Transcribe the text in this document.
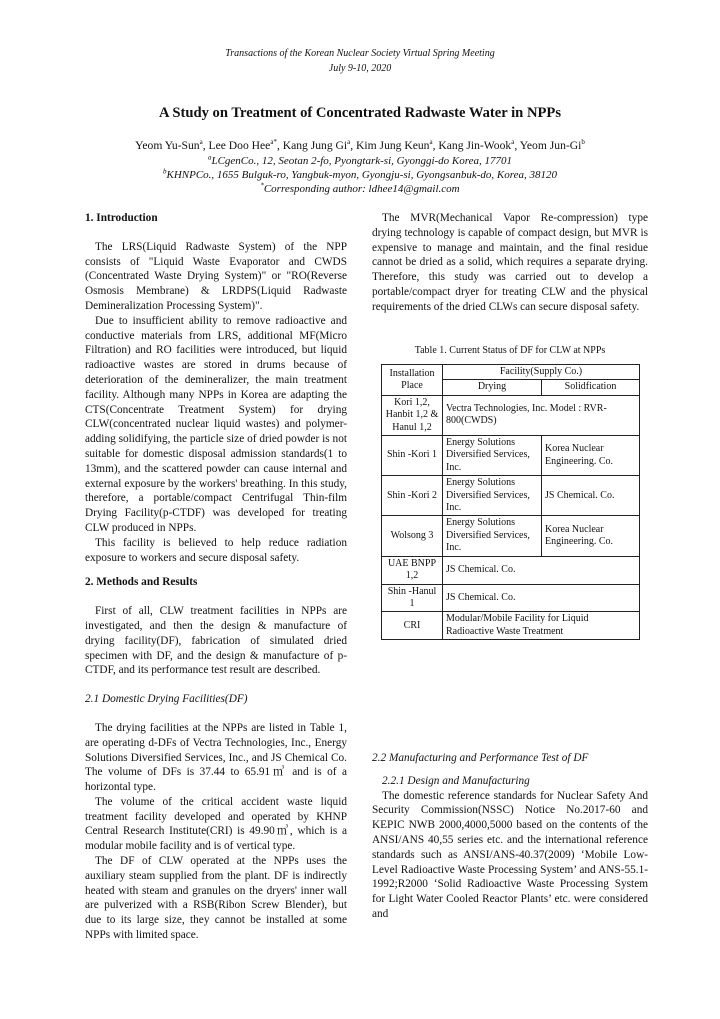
Transactions of the Korean Nuclear Society Virtual Spring Meeting
July 9-10, 2020
A Study on Treatment of Concentrated Radwaste Water in NPPs
Yeom Yu-Sun$^a$, Lee Doo Hee$^{a*}$, Kang Jung Gi$^a$, Kim Jung Keun$^a$, Kang Jin-Wook$^a$, Yeom Jun-Gi$^b$
$^a$LCgenCo., 12, Seotan 2-fo, Pyongtark-si, Gyonggi-do Korea, 17701
$^b$KHNPCo., 1655 Bulguk-ro, Yangbuk-myon, Gyongju-si, Gyongsanbuk-do, Korea, 38120
*Corresponding author: ldhee14@gmail.com

1. Introduction

The LRS(Liquid Radwaste System) of the NPP consists of "Liquid Waste Evaporator and CWDS (Concentrated Waste Drying System)" or "RO(Reverse Osmosis Membrane) & LRDPS(Liquid Radwaste Demineralization Processing System)".

Due to insufficient ability to remove radioactive and conductive materials from LRS, additional MF(Micro Filtration) and RO facilities were introduced, but liquid radioactive wastes are stored in drums because of deterioration of the demineralizer, the main treatment facility. Although many NPPs in Korea are adapting the CTS(Concentrate Treatment System) for drying CLW(concentrated nuclear liquid wastes) and polymer-adding solidifying, the particle size of dried powder is not suitable for domestic disposal admission standards(1 to 13mm), and the scattered powder can cause internal and external exposure by the workers' breathing. In this study, therefore, a portable/compact Centrifugal Thin-film Drying Facility(p-CTDF) was developed for treating CLW produced in NPPs.

This facility is believed to help reduce radiation exposure to workers and secure disposal safety.

2. Methods and Results

First of all, CLW treatment facilities in NPPs are investigated, and then the design & manufacture of drying facility(DF), fabrication of simulated dried specimen with DF, and the design & manufacture of p-CTDF, and its performance test result are described.

2.1 Domestic Drying Facilities(DF)

The drying facilities at the NPPs are listed in Table 1, are operating d-DFs of Vectra Technologies, Inc., Energy Solutions Diversified Services, Inc., and JS Chemical Co. The volume of DFs is 37.44 to 65.91㎥ and is of a horizontal type.

The volume of the critical accident waste liquid treatment facility developed and operated by KHNP Central Research Institute(CRI) is 49.90㎥, which is a modular mobile facility and is of vertical type.

The DF of CLW operated at the NPPs uses the auxiliary steam supplied from the plant. DF is indirectly heated with steam and granules on the dryers' inner wall are pulverized with a RSB(Ribon Screw Blender), but due to its large size, they cannot be installed at some NPPs with limited space.

The MVR(Mechanical Vapor Re-compression) type drying technology is capable of compact design, but MVR is expensive to manage and maintain, and the final residue cannot be dried as a solid, which requires a separate drying. Therefore, this study was carried out to develop a portable/compact dryer for treating CLW and the physical requirements of the dried CLWs can secure disposal safety.

Table 1. Current Status of DF for CLW at NPPs
Installation Place	Facility(Supply Co.)	
	Drying	Solidfication
Kori 1,2, Hanbit 1,2 & Hanul 1,2	Vectra Technologies, Inc. Model : RVR-800(CWDS)	
Shin -Kori 1	Energy Solutions Diversified Services, Inc.	Korea Nuclear Engineering. Co.
Shin -Kori 2	Energy Solutions Diversified Services, Inc.	JS Chemical. Co.
Wolsong 3	Energy Solutions Diversified Services, Inc.	Korea Nuclear Engineering. Co.
UAE BNPP 1,2	JS Chemical. Co.	
Shin -Hanul 1	JS Chemical. Co.	
CRI	Modular/Mobile Facility for Liquid Radioactive Waste Treatment	

2.2 Manufacturing and Performance Test of DF

2.2.1 Design and Manufacturing

The domestic reference standards for Nuclear Safety And Security Commission(NSSC) Notice No.2017-60 and KEPIC NWB 2000,4000,5000 based on the contents of the ANSI/ANS 40,55 series etc. and the international reference standards such as ANSI/ANS-40.37(2009) ‘Mobile Low-Level Radioactive Waste Processing System’ and ANS-55.1-1992;R2000 ‘Solid Radioactive Waste Processing System for Light Water Cooled Reactor Plants’ etc. were considered and
